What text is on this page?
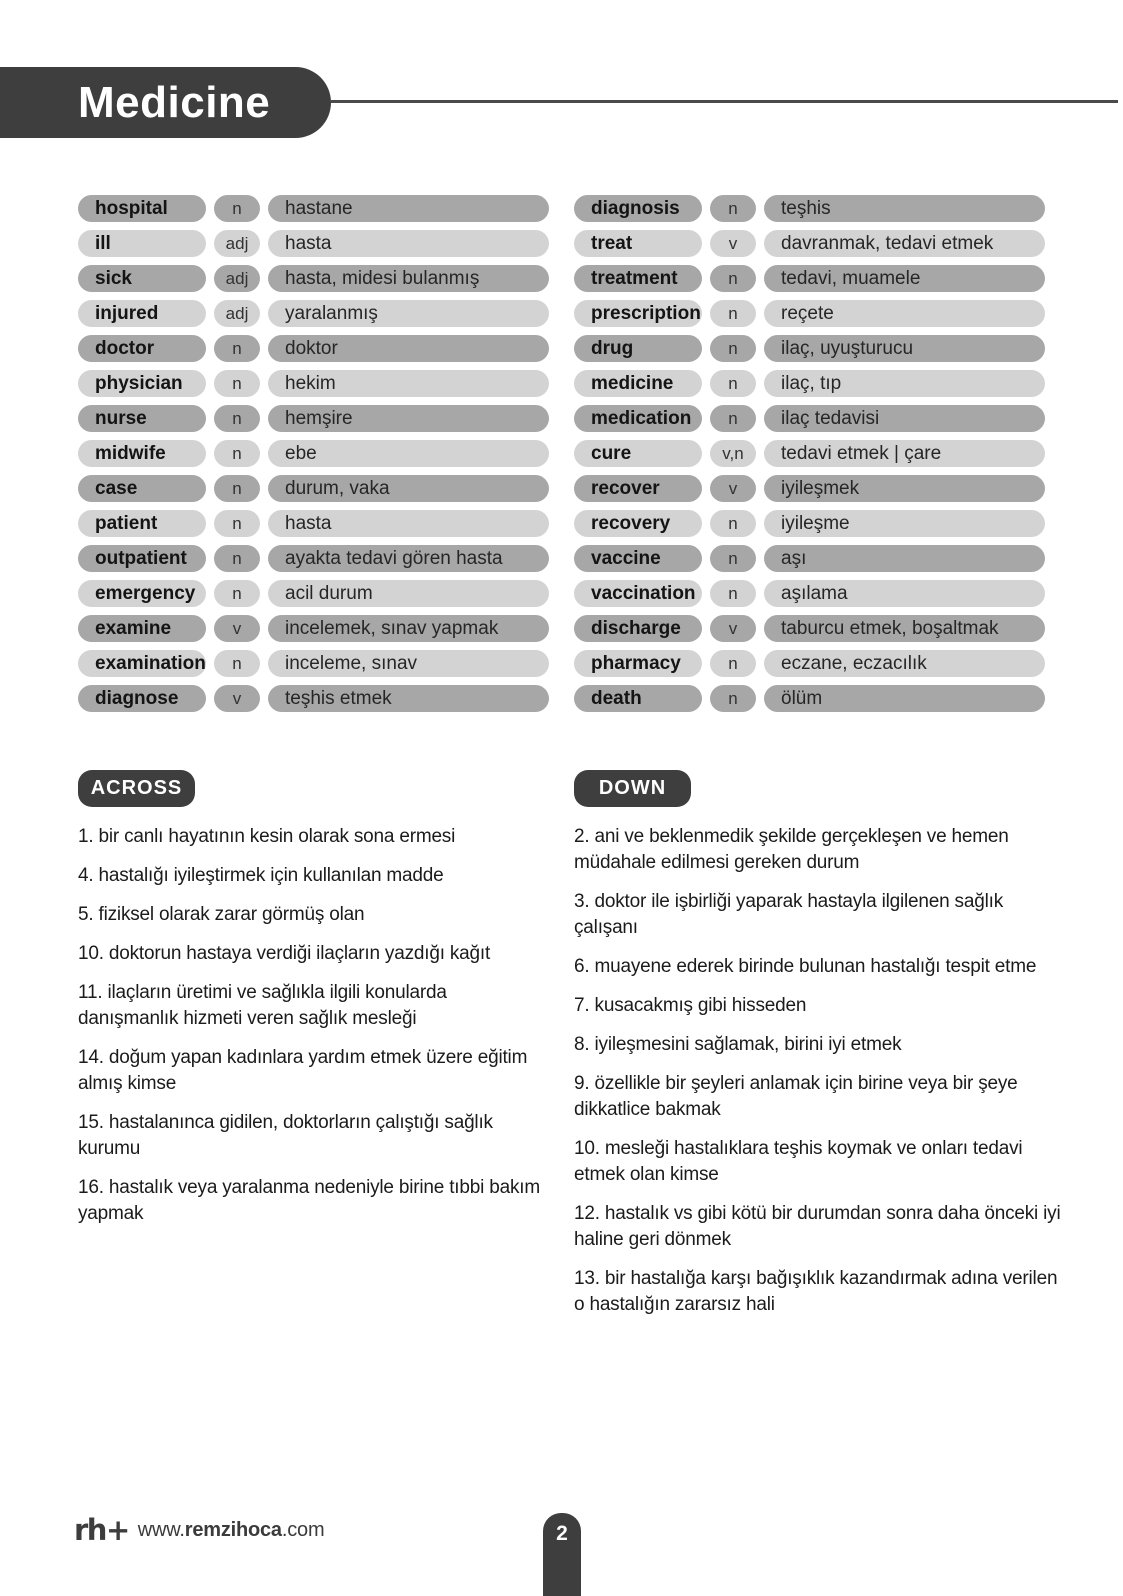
Medicine
hospital	n	hastane
ill	adj	hasta
sick	adj	hasta, midesi bulanmış
injured	adj	yaralanmış
doctor	n	doktor
physician	n	hekim
nurse	n	hemşire
midwife	n	ebe
case	n	durum, vaka
patient	n	hasta
outpatient	n	ayakta tedavi gören hasta
emergency	n	acil durum
examine	v	incelemek, sınav yapmak
examination	n	inceleme, sınav
diagnose	v	teşhis etmek
diagnosis	n	teşhis
treat	v	davranmak, tedavi etmek
treatment	n	tedavi, muamele
prescription	n	reçete
drug	n	ilaç, uyuşturucu
medicine	n	ilaç, tıp
medication	n	ilaç tedavisi
cure	v,n	tedavi etmek | çare
recover	v	iyileşmek
recovery	n	iyileşme
vaccine	n	aşı
vaccination	n	aşılama
discharge	v	taburcu etmek, boşaltmak
pharmacy	n	eczane, eczacılık
death	n	ölüm
ACROSS
1. bir canlı hayatının kesin olarak sona ermesi
4. hastalığı iyileştirmek için kullanılan madde
5. fiziksel olarak zarar görmüş olan
10. doktorun hastaya verdiği ilaçların yazdığı kağıt
11. ilaçların üretimi ve sağlıkla ilgili konularda danışmanlık hizmeti veren sağlık mesleği
14. doğum yapan kadınlara yardım etmek üzere eğitim almış kimse
15. hastalanınca gidilen, doktorların çalıştığı sağlık kurumu
16. hastalık veya yaralanma nedeniyle birine tıbbi bakım yapmak
DOWN
2. ani ve beklenmedik şekilde gerçekleşen ve hemen müdahale edilmesi gereken durum
3. doktor ile işbirliği yaparak hastayla ilgilenen sağlık çalışanı
6. muayene ederek birinde bulunan hastalığı tespit etme
7. kusacakmış gibi hisseden
8. iyileşmesini sağlamak, birini iyi etmek
9. özellikle bir şeyleri anlamak için birine veya bir şeye dikkatlice bakmak
10. mesleği hastalıklara teşhis koymak ve onları tedavi etmek olan kimse
12. hastalık vs gibi kötü bir durumdan sonra daha önceki iyi haline geri dönmek
13. bir hastalığa karşı bağışıklık kazandırmak adına verilen o hastalığın zararsız hali
rh+ www.remzihoca.com	2
